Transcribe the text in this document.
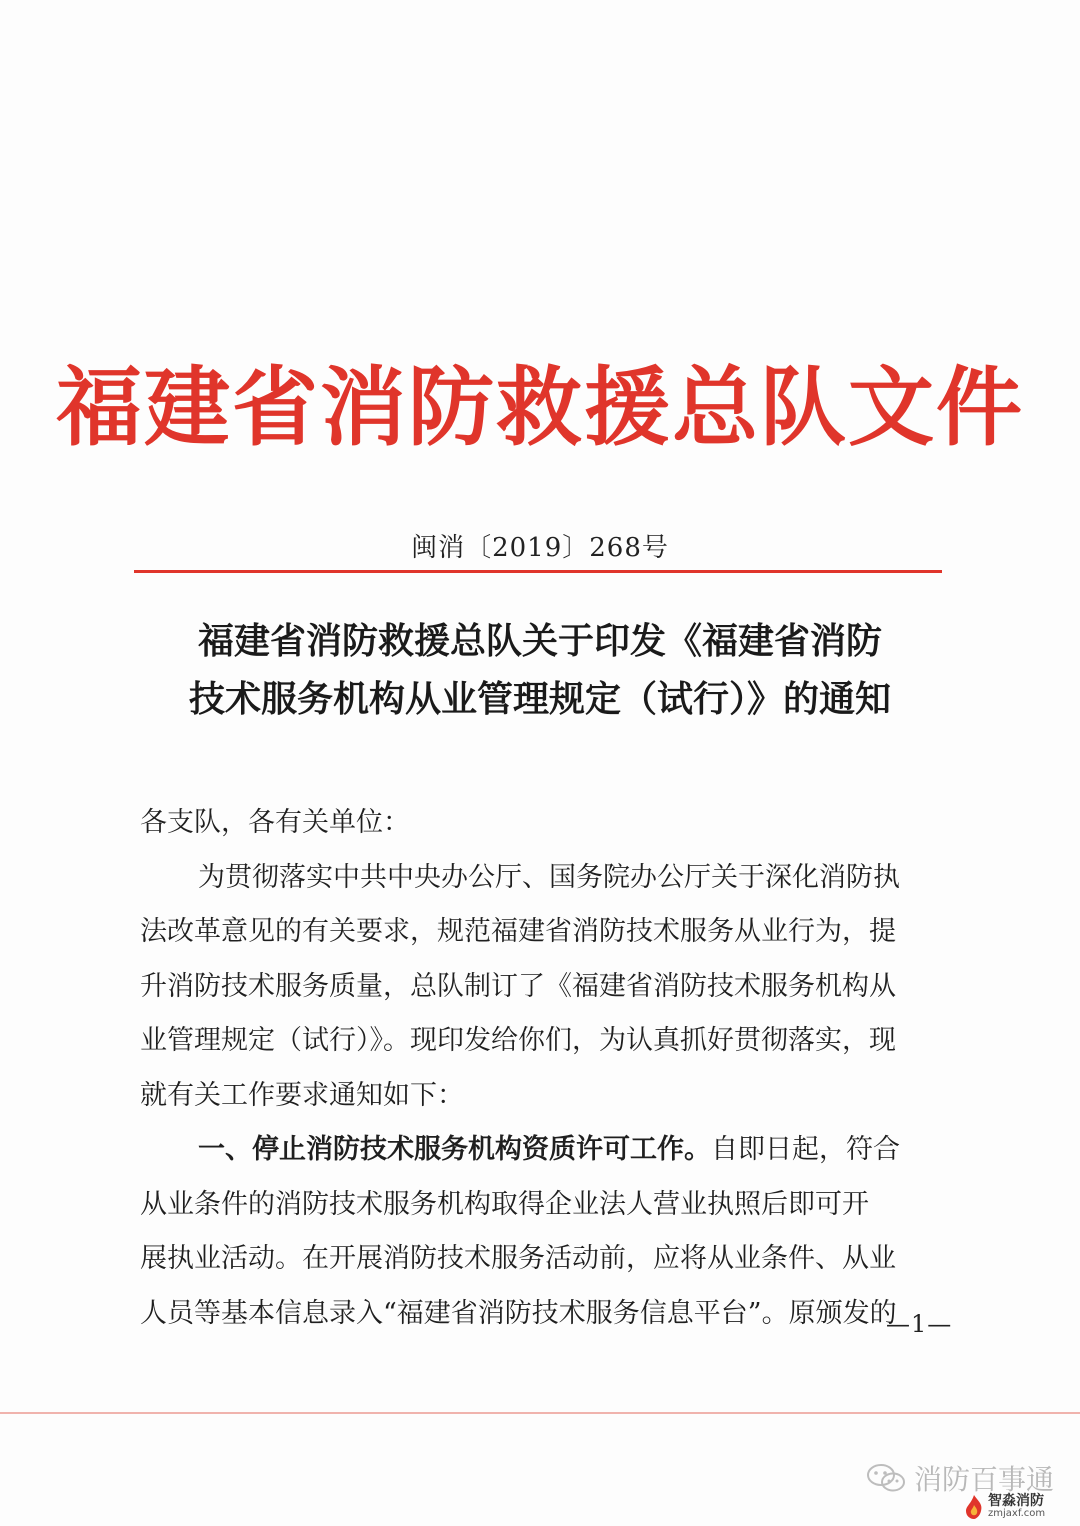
福建省消防救援总队文件
闽消〔2019〕268号
福建省消防救援总队关于印发《福建省消防
技术服务机构从业管理规定（试行）》的通知
各支队，各有关单位：
为贯彻落实中共中央办公厅、国务院办公厅关于深化消防执
法改革意见的有关要求，规范福建省消防技术服务从业行为，提
升消防技术服务质量，总队制订了《福建省消防技术服务机构从
业管理规定（试行）》。现印发给你们，为认真抓好贯彻落实，现
就有关工作要求通知如下：
一、停止消防技术服务机构资质许可工作。自即日起，符合
从业条件的消防技术服务机构取得企业法人营业执照后即可开
展执业活动。在开展消防技术服务活动前，应将从业条件、从业
人员等基本信息录入“福建省消防技术服务信息平台”。原颁发的
—1—
消防百事通
智淼消防
zmjaxf.com
